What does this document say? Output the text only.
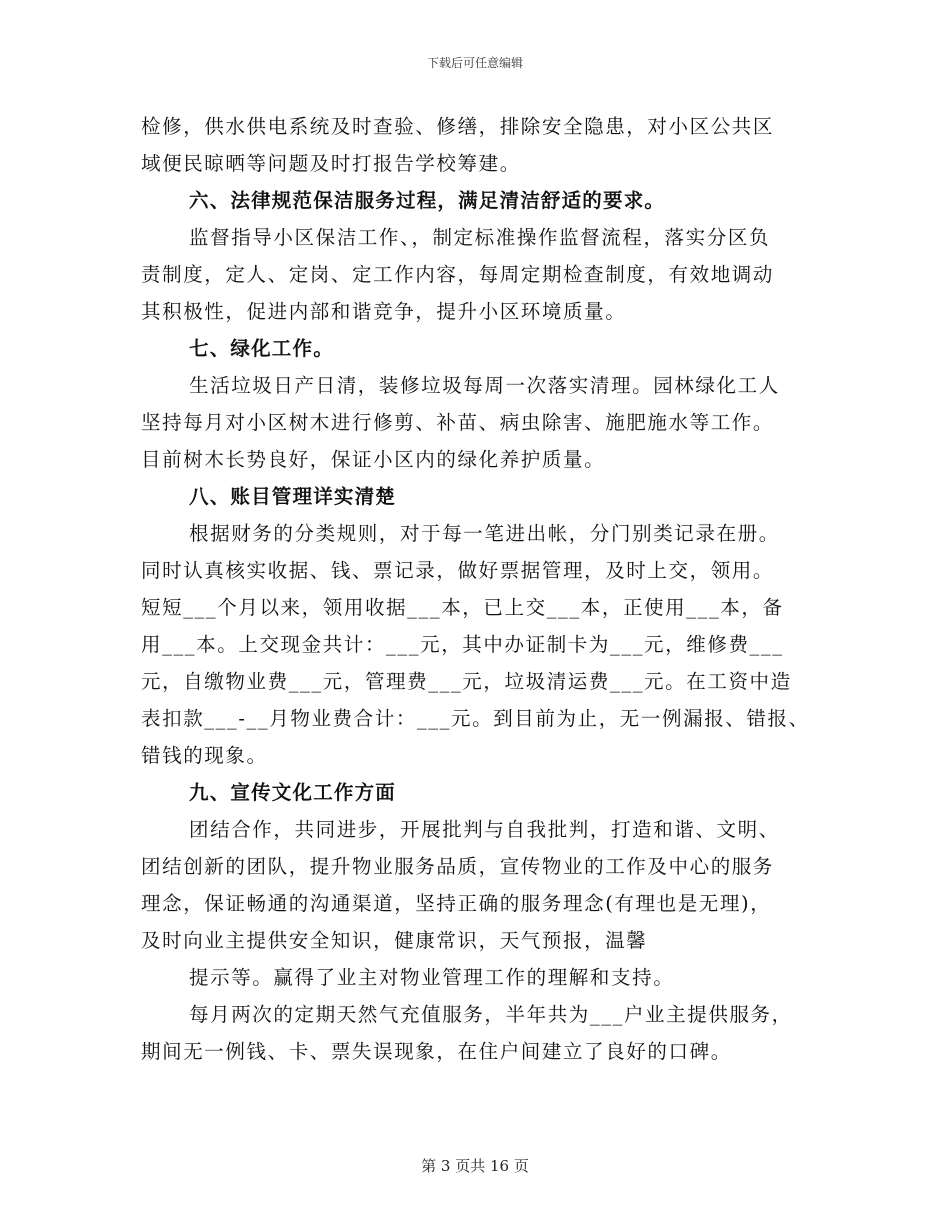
下载后可任意编辑
检修，供水供电系统及时查验、修缮，排除安全隐患，对小区公共区
域便民晾晒等问题及时打报告学校筹建。
六、法律规范保洁服务过程，满足清洁舒适的要求。
监督指导小区保洁工作、，制定标准操作监督流程，落实分区负
责制度，定人、定岗、定工作内容，每周定期检查制度，有效地调动
其积极性，促进内部和谐竞争，提升小区环境质量。
七、绿化工作。
生活垃圾日产日清，装修垃圾每周一次落实清理。园林绿化工人
坚持每月对小区树木进行修剪、补苗、病虫除害、施肥施水等工作。
目前树木长势良好，保证小区内的绿化养护质量。
八、账目管理详实清楚
根据财务的分类规则，对于每一笔进出帐，分门别类记录在册。
同时认真核实收据、钱、票记录，做好票据管理，及时上交，领用。
短短___个月以来，领用收据___本，已上交___本，正使用___本，备
用___本。上交现金共计：___元，其中办证制卡为___元，维修费___
元，自缴物业费___元，管理费___元，垃圾清运费___元。在工资中造
表扣款___-__月物业费合计：___元。到目前为止，无一例漏报、错报、
错钱的现象。
九、宣传文化工作方面
团结合作，共同进步，开展批判与自我批判，打造和谐、文明、
团结创新的团队，提升物业服务品质，宣传物业的工作及中心的服务
理念，保证畅通的沟通渠道，坚持正确的服务理念(有理也是无理)，
及时向业主提供安全知识，健康常识，天气预报，温馨
提示等。赢得了业主对物业管理工作的理解和支持。
每月两次的定期天然气充值服务，半年共为___户业主提供服务，
期间无一例钱、卡、票失误现象，在住户间建立了良好的口碑。
第 3 页共 16 页
